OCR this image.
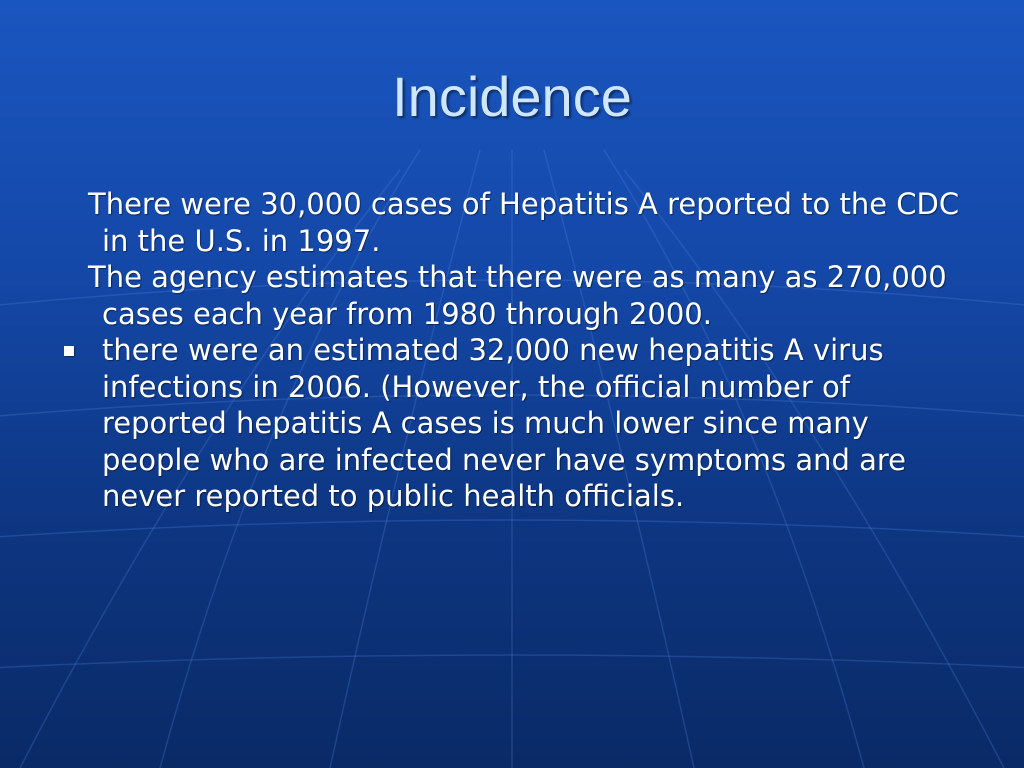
Incidence

There were 30,000 cases of Hepatitis A reported to the CDC in the U.S. in 1997.

The agency estimates that there were as many as 270,000 cases each year from 1980 through 2000.

there were an estimated 32,000 new hepatitis A virus infections in 2006. (However, the official number of reported hepatitis A cases is much lower since many people who are infected never have symptoms and are never reported to public health officials.
